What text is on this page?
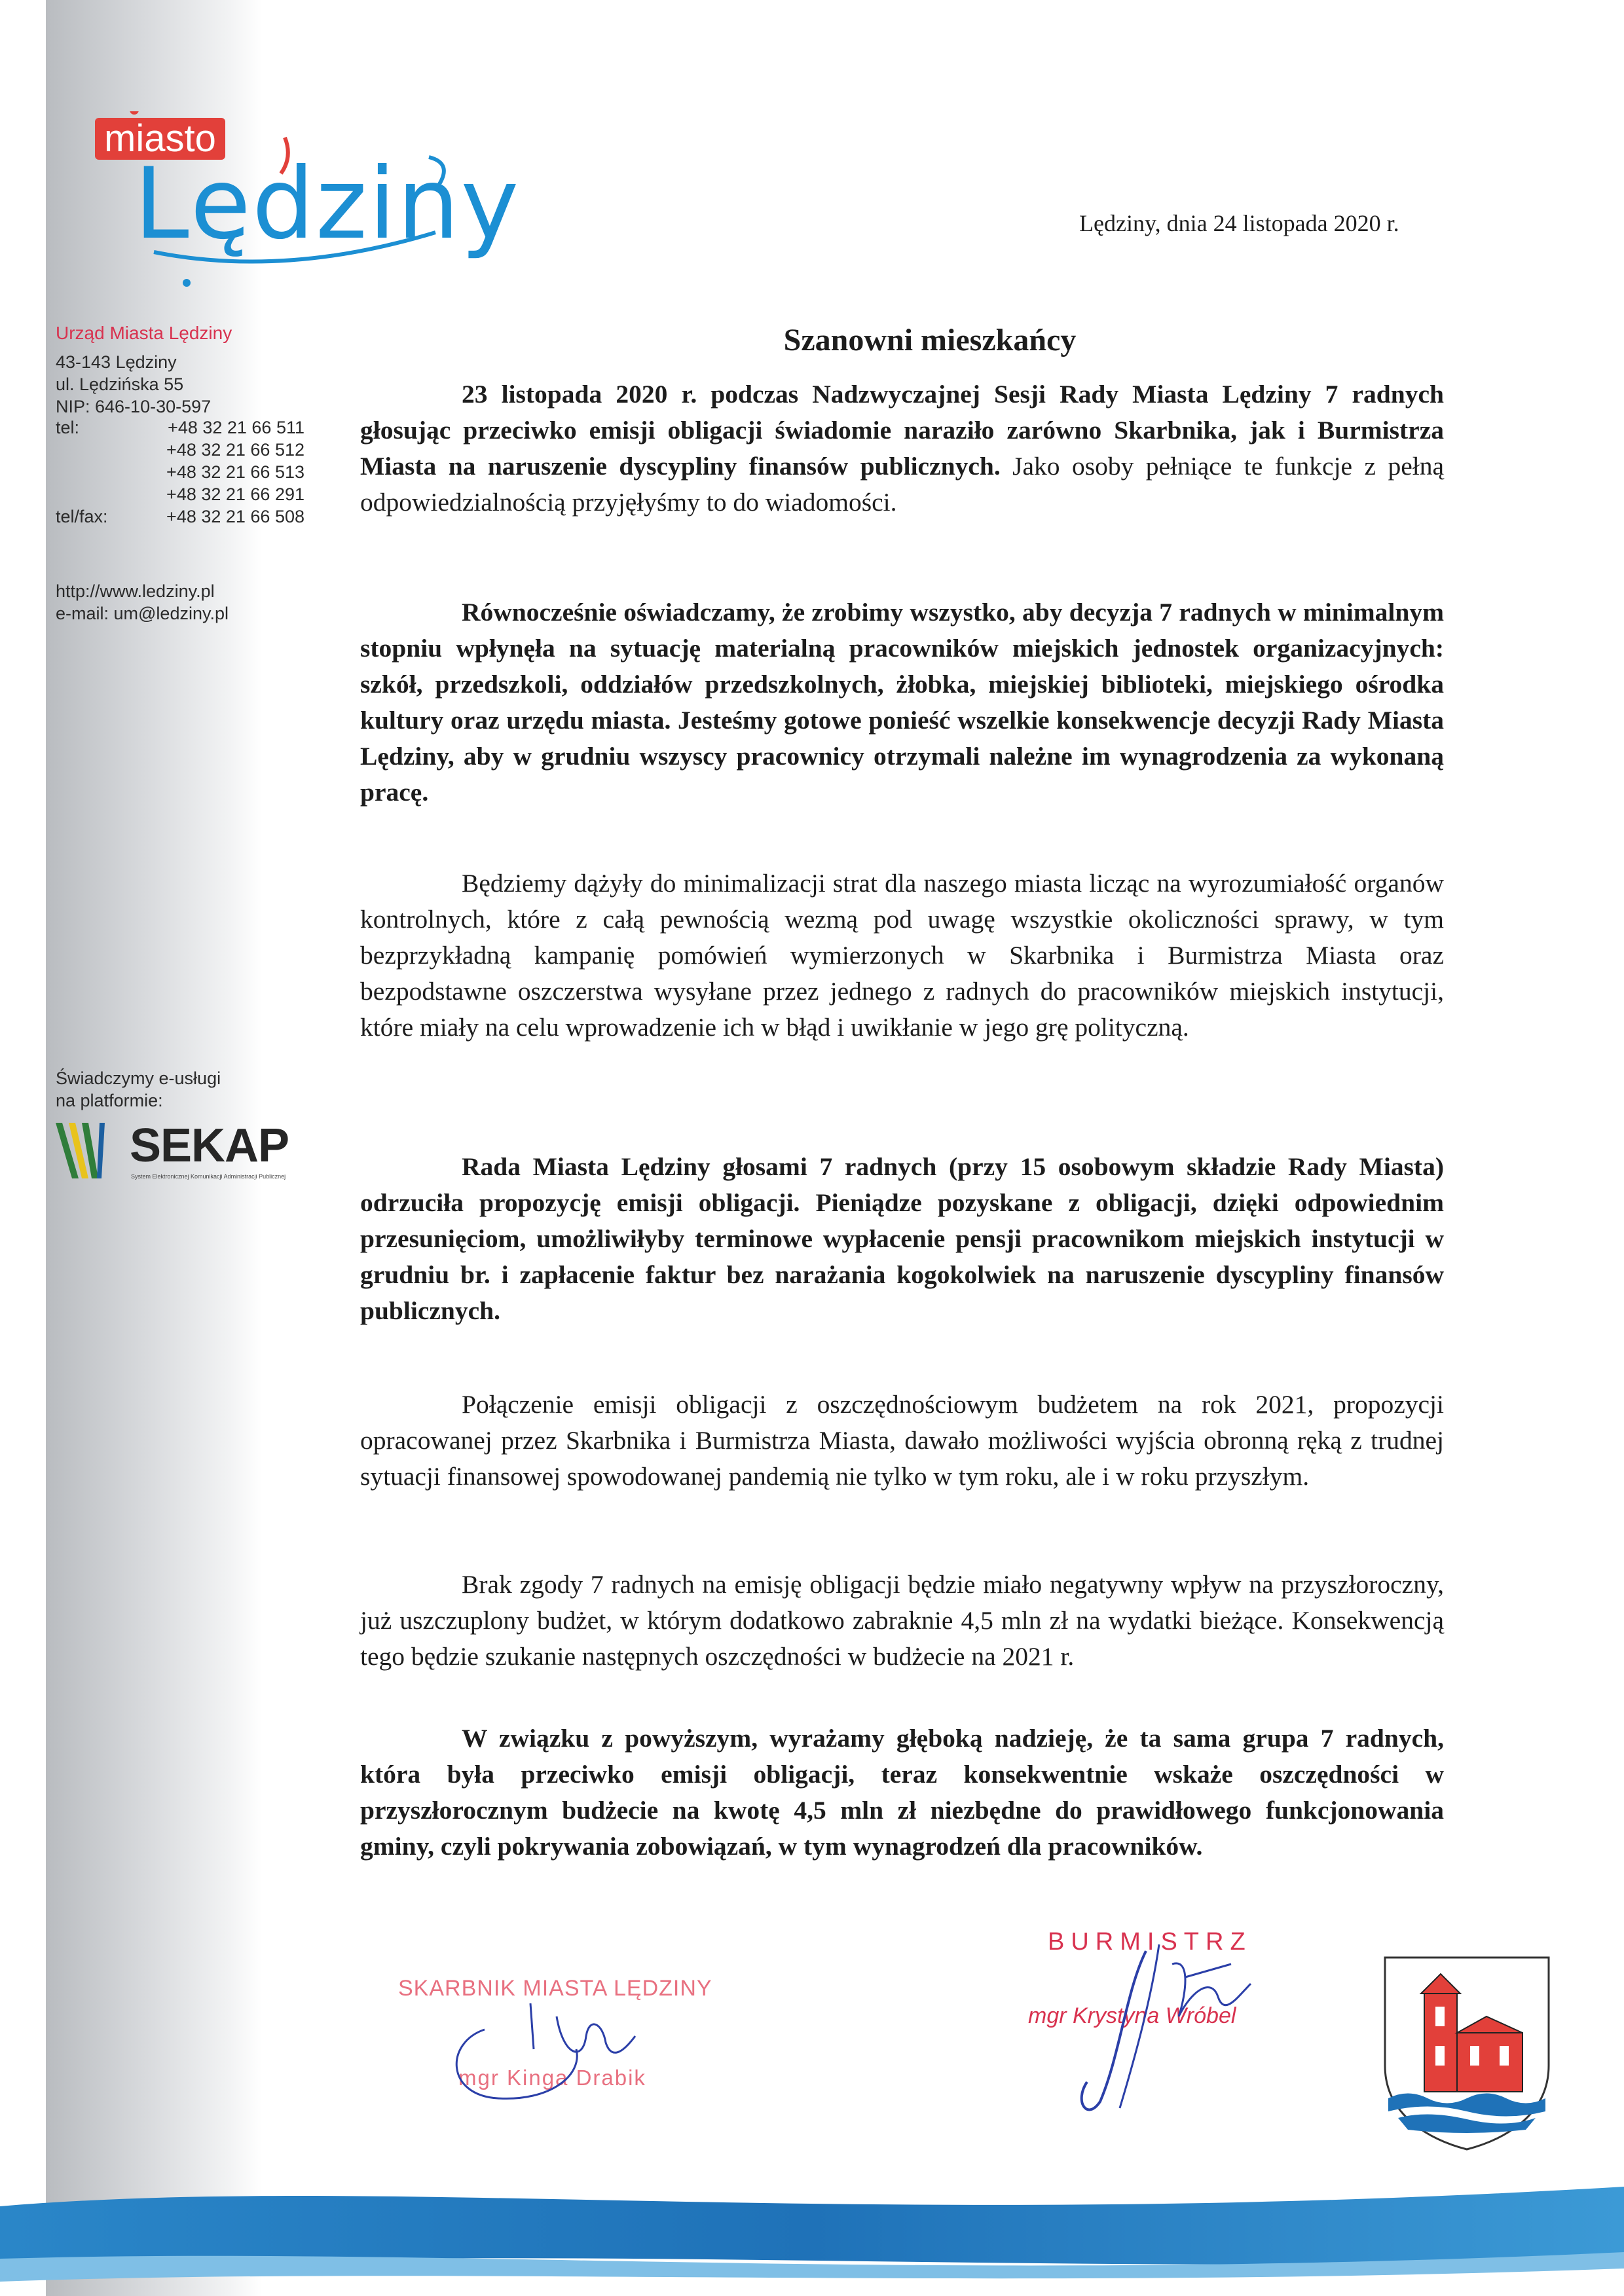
miasto
Lędziny
Urząd Miasta Lędziny
43-143 Lędziny
ul. Lędzińska 55
NIP: 646-10-30-597
tel:	+48 32 21 66 511
+48 32 21 66 512
+48 32 21 66 513
+48 32 21 66 291
tel/fax:	+48 32 21 66 508
http://www.ledziny.pl
e-mail: um@ledziny.pl
Świadczymy e-usługi
na platformie:
SEKAP
System Elektronicznej Komunikacji Administracji Publicznej
Lędziny, dnia 24 listopada 2020 r.
Szanowni mieszkańcy
23 listopada 2020 r. podczas Nadzwyczajnej Sesji Rady Miasta Lędziny 7 radnych głosując przeciwko emisji obligacji świadomie naraziło zarówno Skarbnika, jak i Burmistrza Miasta na naruszenie dyscypliny finansów publicznych. Jako osoby pełniące te funkcje z pełną odpowiedzialnością przyjęłyśmy to do wiadomości.
Równocześnie oświadczamy, że zrobimy wszystko, aby decyzja 7 radnych w minimalnym stopniu wpłynęła na sytuację materialną pracowników miejskich jednostek organizacyjnych: szkół, przedszkoli, oddziałów przedszkolnych, żłobka, miejskiej biblioteki, miejskiego ośrodka kultury oraz urzędu miasta. Jesteśmy gotowe ponieść wszelkie konsekwencje decyzji Rady Miasta Lędziny, aby w grudniu wszyscy pracownicy otrzymali należne im wynagrodzenia za wykonaną pracę.
Będziemy dążyły do minimalizacji strat dla naszego miasta licząc na wyrozumiałość organów kontrolnych, które z całą pewnością wezmą pod uwagę wszystkie okoliczności sprawy, w tym bezprzykładną kampanię pomówień wymierzonych w Skarbnika i Burmistrza Miasta oraz bezpodstawne oszczerstwa wysyłane przez jednego z radnych do pracowników miejskich instytucji, które miały na celu wprowadzenie ich w błąd i uwikłanie w jego grę polityczną.
Rada Miasta Lędziny głosami 7 radnych (przy 15 osobowym składzie Rady Miasta) odrzuciła propozycję emisji obligacji. Pieniądze pozyskane z obligacji, dzięki odpowiednim przesunięciom, umożliwiłyby terminowe wypłacenie pensji pracownikom miejskich instytucji w grudniu br. i zapłacenie faktur bez narażania kogokolwiek na naruszenie dyscypliny finansów publicznych.
Połączenie emisji obligacji z oszczędnościowym budżetem na rok 2021, propozycji opracowanej przez Skarbnika i Burmistrza Miasta, dawało możliwości wyjścia obronną ręką z trudnej sytuacji finansowej spowodowanej pandemią nie tylko w tym roku, ale i w roku przyszłym.
Brak zgody 7 radnych na emisję obligacji będzie miało negatywny wpływ na przyszłoroczny, już uszczuplony budżet, w którym dodatkowo zabraknie 4,5 mln zł na wydatki bieżące. Konsekwencją tego będzie szukanie następnych oszczędności w budżecie na 2021 r.
W związku z powyższym, wyrażamy głęboką nadzieję, że ta sama grupa 7 radnych, która była przeciwko emisji obligacji, teraz konsekwentnie wskaże oszczędności w przyszłorocznym budżecie na kwotę 4,5 mln zł niezbędne do prawidłowego funkcjonowania gminy, czyli pokrywania zobowiązań, w tym wynagrodzeń dla pracowników.
SKARBNIK MIASTA LĘDZINY
mgr Kinga Drabik
BURMISTRZ
mgr Krystyna Wróbel
